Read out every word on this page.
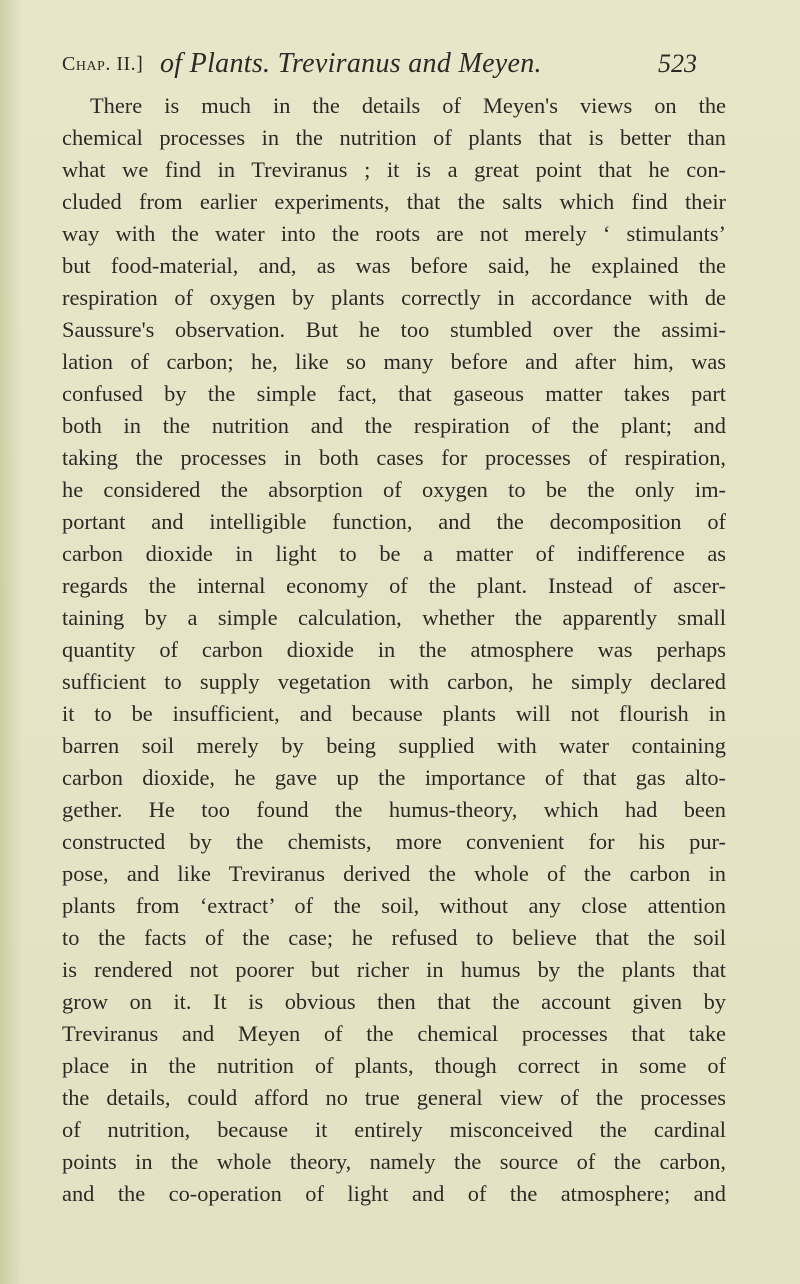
Chap. II.] of Plants. Treviranus and Meyen.	523
There is much in the details of Meyen's views on the
chemical processes in the nutrition of plants that is better than
what we find in Treviranus ; it is a great point that he con-
cluded from earlier experiments, that the salts which find their
way with the water into the roots are not merely ‘ stimulants’
but food-material, and, as was before said, he explained the
respiration of oxygen by plants correctly in accordance with de
Saussure's observation. But he too stumbled over the assimi-
lation of carbon; he, like so many before and after him, was
confused by the simple fact, that gaseous matter takes part
both in the nutrition and the respiration of the plant; and
taking the processes in both cases for processes of respiration,
he considered the absorption of oxygen to be the only im-
portant and intelligible function, and the decomposition of
carbon dioxide in light to be a matter of indifference as
regards the internal economy of the plant. Instead of ascer-
taining by a simple calculation, whether the apparently small
quantity of carbon dioxide in the atmosphere was perhaps
sufficient to supply vegetation with carbon, he simply declared
it to be insufficient, and because plants will not flourish in
barren soil merely by being supplied with water containing
carbon dioxide, he gave up the importance of that gas alto-
gether. He too found the humus-theory, which had been
constructed by the chemists, more convenient for his pur-
pose, and like Treviranus derived the whole of the carbon in
plants from ‘extract’ of the soil, without any close attention
to the facts of the case; he refused to believe that the soil
is rendered not poorer but richer in humus by the plants that
grow on it. It is obvious then that the account given by
Treviranus and Meyen of the chemical processes that take
place in the nutrition of plants, though correct in some of
the details, could afford no true general view of the processes
of nutrition, because it entirely misconceived the cardinal
points in the whole theory, namely the source of the carbon,
and the co-operation of light and of the atmosphere; and
